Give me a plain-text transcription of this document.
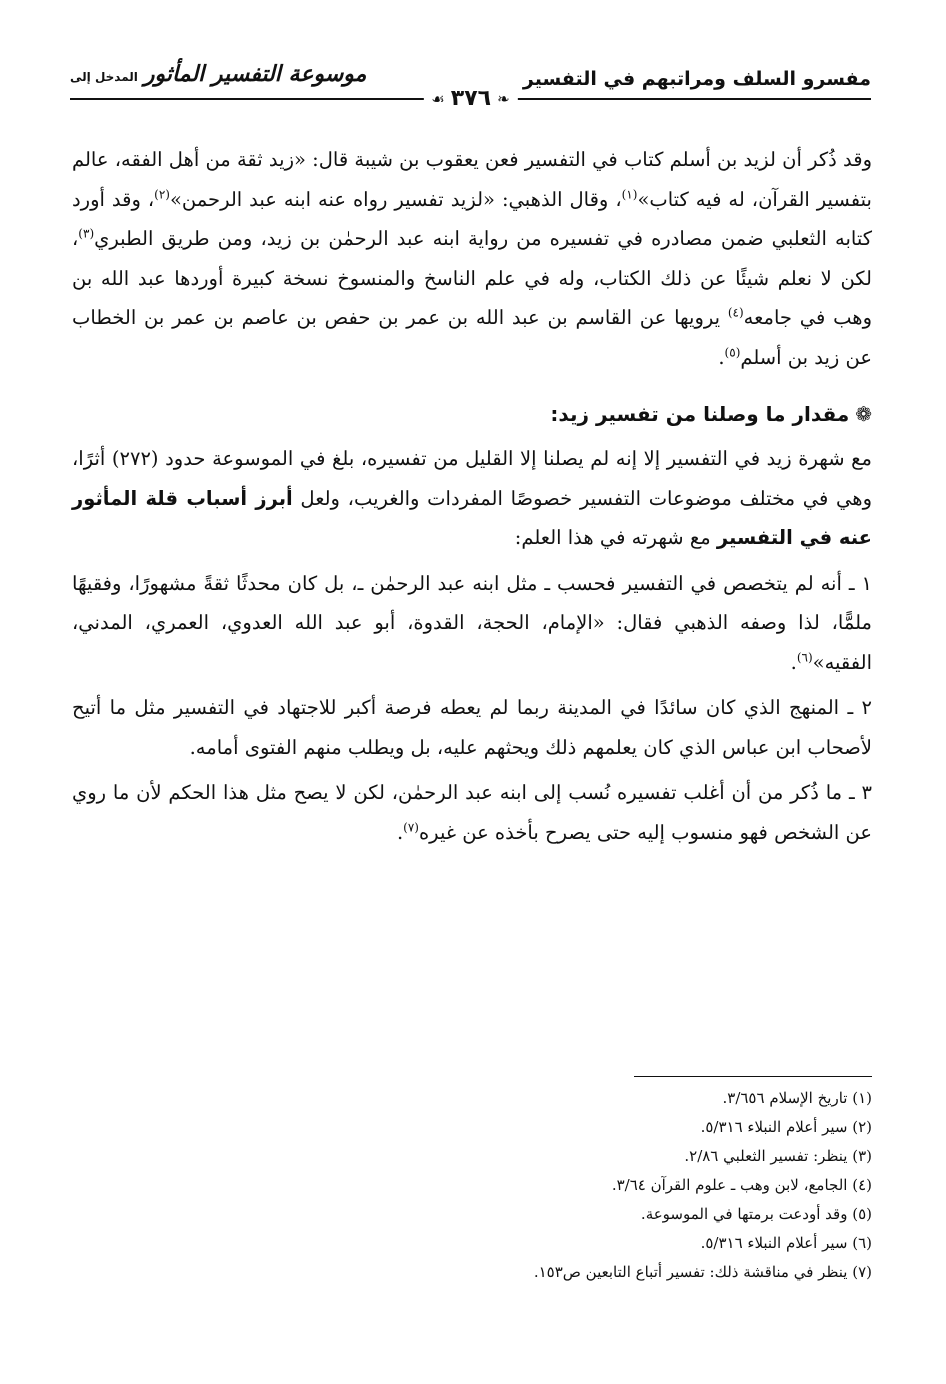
مفسرو السلف ومراتبهم في التفسير
❧
٣٧٦
☙
موسوعة التفسير المأثور
المدخل إلى

وقد ذُكر أن لزيد بن أسلم كتاب في التفسير فعن يعقوب بن شيبة قال: «زيد ثقة من أهل الفقه، عالم بتفسير القرآن، له فيه كتاب»$^{(١)}$، وقال الذهبي: «لزيد تفسير رواه عنه ابنه عبد الرحمن»$^{(٢)}$، وقد أورد كتابه الثعلبي ضمن مصادره في تفسيره من رواية ابنه عبد الرحمٰن بن زيد، ومن طريق الطبري$^{(٣)}$، لكن لا نعلم شيئًا عن ذلك الكتاب، وله في علم الناسخ والمنسوخ نسخة كبيرة أوردها عبد الله بن وهب في جامعه$^{(٤)}$ يرويها عن القاسم بن عبد الله بن عمر بن حفص بن عاصم بن عمر بن الخطاب عن زيد بن أسلم$^{(٥)}$.

❁مقدار ما وصلنا من تفسير زيد:

مع شهرة زيد في التفسير إلا إنه لم يصلنا إلا القليل من تفسيره، بلغ في الموسوعة حدود (٢٧٢) أثرًا، وهي في مختلف موضوعات التفسير خصوصًا المفردات والغريب، ولعل أبرز أسباب قلة المأثور عنه في التفسير مع شهرته في هذا العلم:

١ ـ أنه لم يتخصص في التفسير فحسب ـ مثل ابنه عبد الرحمٰن ـ، بل كان محدثًا ثقةً مشهورًا، وفقيهًا ملمًّا، لذا وصفه الذهبي فقال: «الإمام، الحجة، القدوة، أبو عبد الله العدوي، العمري، المدني، الفقيه»$^{(٦)}$.

٢ ـ المنهج الذي كان سائدًا في المدينة ربما لم يعطه فرصة أكبر للاجتهاد في التفسير مثل ما أتيح لأصحاب ابن عباس الذي كان يعلمهم ذلك ويحثهم عليه، بل ويطلب منهم الفتوى أمامه.

٣ ـ ما ذُكر من أن أغلب تفسيره نُسب إلى ابنه عبد الرحمٰن، لكن لا يصح مثل هذا الحكم لأن ما روي عن الشخص فهو منسوب إليه حتى يصرح بأخذه عن غيره$^{(٧)}$.

(١) تاريخ الإسلام ٣/٦٥٦.

(٢) سير أعلام النبلاء ٥/٣١٦.

(٣) ينظر: تفسير الثعلبي ٢/٨٦.

(٤) الجامع، لابن وهب ـ علوم القرآن ٣/٦٤.

(٥) وقد أودعت برمتها في الموسوعة.

(٦) سير أعلام النبلاء ٥/٣١٦.

(٧) ينظر في مناقشة ذلك: تفسير أتباع التابعين ص١٥٣.
